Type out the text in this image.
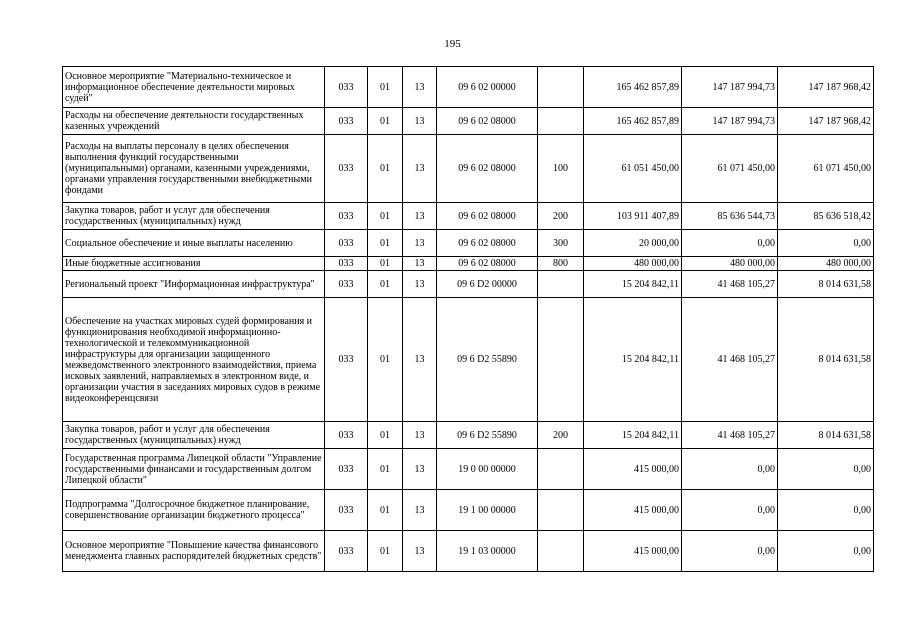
195
Основное мероприятие "Материально-техническое и информационное обеспечение деятельности мировых судей"	033	01	13	09 6 02 00000		165 462 857,89	147 187 994,73	147 187 968,42
Расходы на обеспечение деятельности государственных казенных учреждений	033	01	13	09 6 02 08000		165 462 857,89	147 187 994,73	147 187 968,42
Расходы на выплаты персоналу в целях обеспечения выполнения функций государственными (муниципальными) органами, казенными учреждениями, органами управления государственными внебюджетными фондами	033	01	13	09 6 02 08000	100	61 051 450,00	61 071 450,00	61 071 450,00
Закупка товаров, работ и услуг для обеспечения государственных (муниципальных) нужд	033	01	13	09 6 02 08000	200	103 911 407,89	85 636 544,73	85 636 518,42
Социальное обеспечение и иные выплаты населению	033	01	13	09 6 02 08000	300	20 000,00	0,00	0,00
Иные бюджетные ассигнования	033	01	13	09 6 02 08000	800	480 000,00	480 000,00	480 000,00
Региональный проект "Информационная инфраструктура"	033	01	13	09 6 D2 00000		15 204 842,11	41 468 105,27	8 014 631,58
Обеспечение на участках мировых судей формирования и функционирования необходимой информационно-технологической и телекоммуникационной инфраструктуры для организации защищенного межведомственного электронного взаимодействия, приема исковых заявлений, направляемых в электронном виде, и организации участия в заседаниях мировых судов в режиме видеоконференцсвязи	033	01	13	09 6 D2 55890		15 204 842,11	41 468 105,27	8 014 631,58
Закупка товаров, работ и услуг для обеспечения государственных (муниципальных) нужд	033	01	13	09 6 D2 55890	200	15 204 842,11	41 468 105,27	8 014 631,58
Государственная программа Липецкой области "Управление государственными финансами и государственным долгом Липецкой области"	033	01	13	19 0 00 00000		415 000,00	0,00	0,00
Подпрограмма "Долгосрочное бюджетное планирование, совершенствование организации бюджетного процесса"	033	01	13	19 1 00 00000		415 000,00	0,00	0,00
Основное мероприятие "Повышение качества финансового менеджмента главных распорядителей бюджетных средств"	033	01	13	19 1 03 00000		415 000,00	0,00	0,00
